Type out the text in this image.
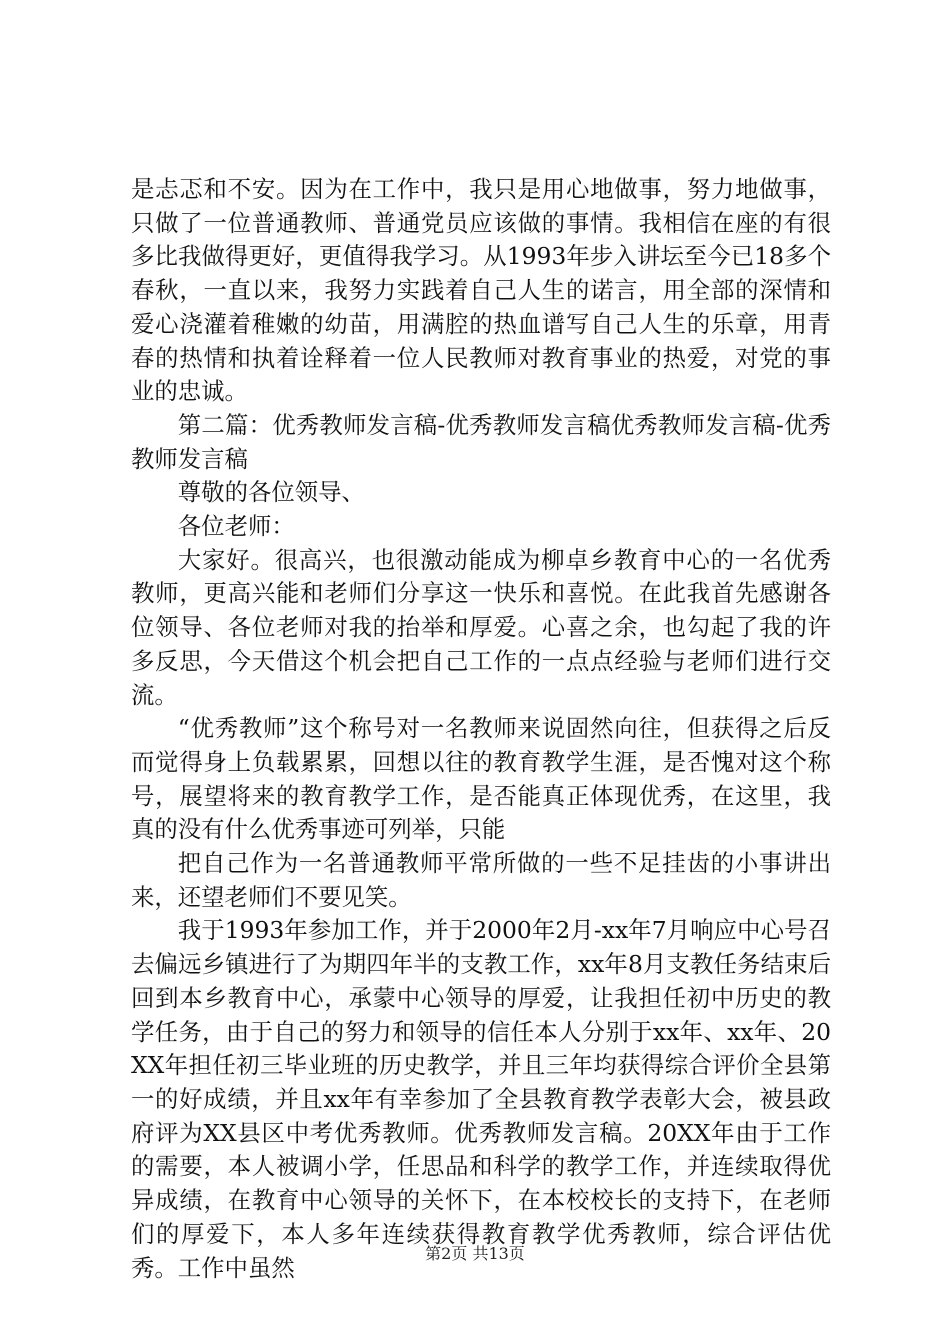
是忐忑和不安。因为在工作中，我只是用心地做事，努力地做事，只做了一位普通教师、普通党员应该做的事情。我相信在座的有很多比我做得更好，更值得我学习。从1993年步入讲坛至今已18多个春秋，一直以来，我努力实践着自己人生的诺言，用全部的深情和爱心浇灌着稚嫩的幼苗，用满腔的热血谱写自己人生的乐章，用青春的热情和执着诠释着一位人民教师对教育事业的热爱，对党的事业的忠诚。

第二篇：优秀教师发言稿-优秀教师发言稿优秀教师发言稿-优秀教师发言稿

尊敬的各位领导、

各位老师：

大家好。很高兴，也很激动能成为柳卓乡教育中心的一名优秀教师，更高兴能和老师们分享这一快乐和喜悦。在此我首先感谢各位领导、各位老师对我的抬举和厚爱。心喜之余，也勾起了我的许多反思，今天借这个机会把自己工作的一点点经验与老师们进行交流。

“优秀教师”这个称号对一名教师来说固然向往，但获得之后反而觉得身上负载累累，回想以往的教育教学生涯，是否愧对这个称号，展望将来的教育教学工作，是否能真正体现优秀，在这里，我真的没有什么优秀事迹可列举，只能

把自己作为一名普通教师平常所做的一些不足挂齿的小事讲出来，还望老师们不要见笑。

我于1993年参加工作，并于2000年2月-xx年7月响应中心号召去偏远乡镇进行了为期四年半的支教工作，xx年8月支教任务结束后回到本乡教育中心，承蒙中心领导的厚爱，让我担任初中历史的教学任务，由于自己的努力和领导的信任本人分别于xx年、xx年、20XX年担任初三毕业班的历史教学，并且三年均获得综合评价全县第一的好成绩，并且xx年有幸参加了全县教育教学表彰大会，被县政府评为XX县区中考优秀教师。优秀教师发言稿。20XX年由于工作的需要，本人被调小学，任思品和科学的教学工作，并连续取得优异成绩，在教育中心领导的关怀下，在本校校长的支持下，在老师们的厚爱下，本人多年连续获得教育教学优秀教师，综合评估优秀。工作中虽然	第2页 共13页
